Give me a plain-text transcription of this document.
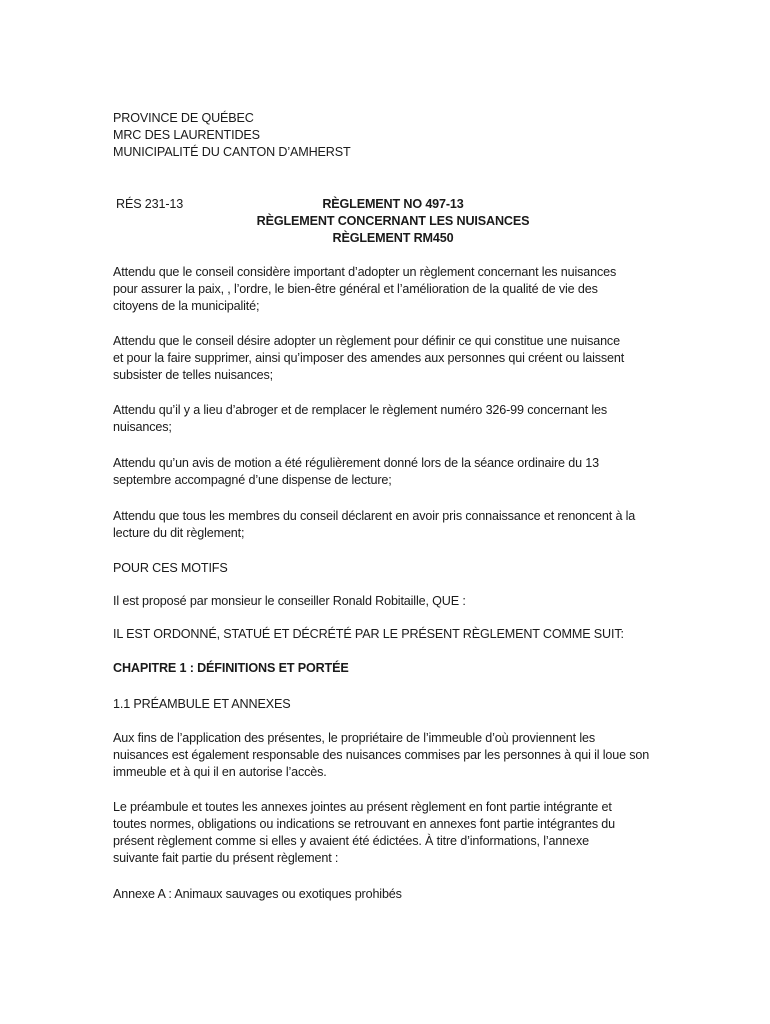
PROVINCE DE QUÉBEC
MRC DES LAURENTIDES
MUNICIPALITÉ DU CANTON D’AMHERST
RÉS 231-13	RÈGLEMENT NO 497-13
RÈGLEMENT CONCERNANT LES NUISANCES
RÈGLEMENT RM450
Attendu que le conseil considère important d’adopter un règlement concernant les nuisances
pour assurer la paix, , l’ordre, le bien-être général et l’amélioration de la qualité de vie des
citoyens de la municipalité;
Attendu que le conseil désire adopter un règlement pour définir ce qui constitue une nuisance
et pour la faire supprimer, ainsi qu’imposer des amendes aux personnes qui créent ou laissent
subsister de telles nuisances;
Attendu qu’il y a lieu d’abroger et de remplacer le règlement numéro 326-99 concernant les
nuisances;
Attendu qu’un avis de motion a été régulièrement donné lors de la séance ordinaire du 13
septembre accompagné d’une dispense de lecture;
Attendu que tous les membres du conseil déclarent en avoir pris connaissance et renoncent à la
lecture du dit règlement;
POUR CES MOTIFS
Il est proposé par monsieur le conseiller Ronald Robitaille, QUE :
IL EST ORDONNÉ, STATUÉ ET DÉCRÉTÉ PAR LE PRÉSENT RÈGLEMENT COMME SUIT:
CHAPITRE 1 : DÉFINITIONS ET PORTÉE
1.1 PRÉAMBULE ET ANNEXES
Aux fins de l’application des présentes, le propriétaire de l’immeuble d’où proviennent les
nuisances est également responsable des nuisances commises par les personnes à qui il loue son
immeuble et à qui il en autorise l’accès.
Le préambule et toutes les annexes jointes au présent règlement en font partie intégrante et
toutes normes, obligations ou indications se retrouvant en annexes font partie intégrantes du
présent règlement comme si elles y avaient été édictées. À titre d’informations, l’annexe
suivante fait partie du présent règlement :
Annexe A : Animaux sauvages ou exotiques prohibés
